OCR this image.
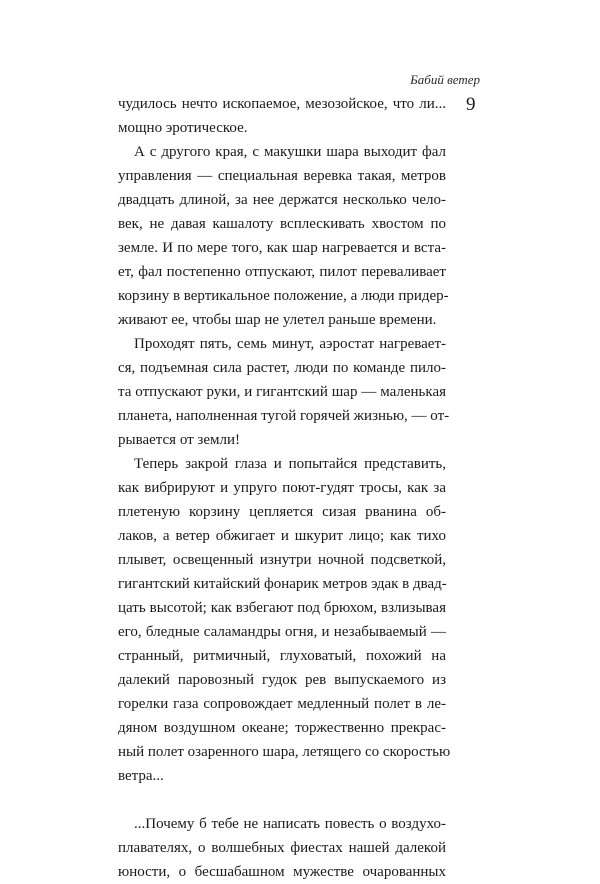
Бабий ветер
9
чудилось нечто ископаемое, мезозойское, что ли...
мощно эротическое.
А с другого края, с макушки шара выходит фал
управления — специальная веревка такая, метров
двадцать длиной, за нее держатся несколько чело-
век, не давая кашалоту всплескивать хвостом по
земле. И по мере того, как шар нагревается и вста-
ет, фал постепенно отпускают, пилот переваливает
корзину в вертикальное положение, а люди придер-
живают ее, чтобы шар не улетел раньше времени.
Проходят пять, семь минут, аэростат нагревает-
ся, подъемная сила растет, люди по команде пило-
та отпускают руки, и гигантский шар — маленькая
планета, наполненная тугой горячей жизнью, — от-
рывается от земли!
Теперь закрой глаза и попытайся представить,
как вибрируют и упруго поют-гудят тросы, как за
плетеную корзину цепляется сизая рванина об-
лаков, а ветер обжигает и шкурит лицо; как тихо
плывет, освещенный изнутри ночной подсветкой,
гигантский китайский фонарик метров эдак в двад-
цать высотой; как взбегают под брюхом, взлизывая
его, бледные саламандры огня, и незабываемый —
странный, ритмичный, глуховатый, похожий на
далекий паровозный гудок рев выпускаемого из
горелки газа сопровождает медленный полет в ле-
дяном воздушном океане; торжественно прекрас-
ный полет озаренного шара, летящего со скоростью
ветра...
...Почему б тебе не написать повесть о воздухо-
плавателях, о волшебных фиестах нашей далекой
юности, о бесшабашном мужестве очарованных
